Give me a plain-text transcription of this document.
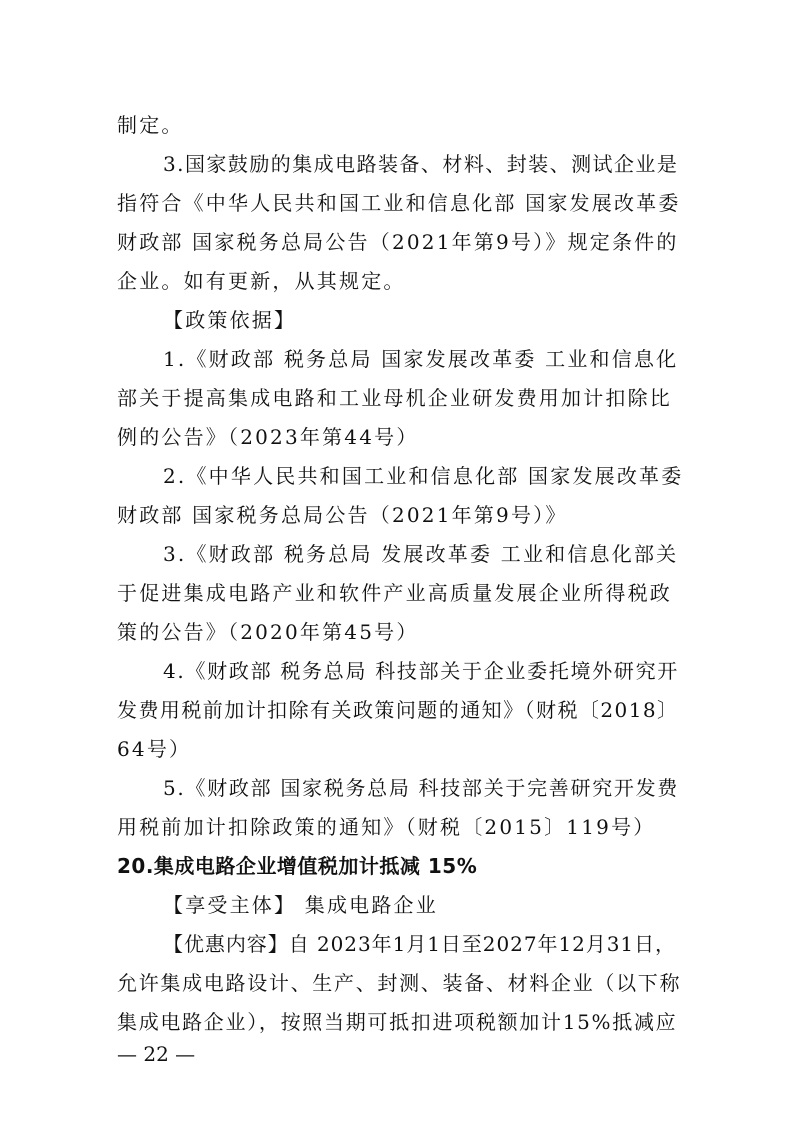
制定。
3.国家鼓励的集成电路装备、材料、封装、测试企业是
指符合《中华人民共和国工业和信息化部 国家发展改革委
财政部 国家税务总局公告（2021年第9号）》规定条件的
企业。如有更新，从其规定。
【政策依据】
1.《财政部 税务总局 国家发展改革委 工业和信息化
部关于提高集成电路和工业母机企业研发费用加计扣除比
例的公告》（2023年第44号）
2.《中华人民共和国工业和信息化部 国家发展改革委
财政部 国家税务总局公告（2021年第9号）》
3.《财政部 税务总局 发展改革委 工业和信息化部关
于促进集成电路产业和软件产业高质量发展企业所得税政
策的公告》（2020年第45号）
4.《财政部 税务总局 科技部关于企业委托境外研究开
发费用税前加计扣除有关政策问题的通知》（财税〔2018〕
64号）
5.《财政部 国家税务总局 科技部关于完善研究开发费
用税前加计扣除政策的通知》（财税〔2015〕119号）
20.集成电路企业增值税加计抵减 15%
【享受主体】 集成电路企业
【优惠内容】自 2023年1月1日至2027年12月31日，
允许集成电路设计、生产、封测、装备、材料企业（以下称
集成电路企业），按照当期可抵扣进项税额加计15%抵减应
— 22 —
